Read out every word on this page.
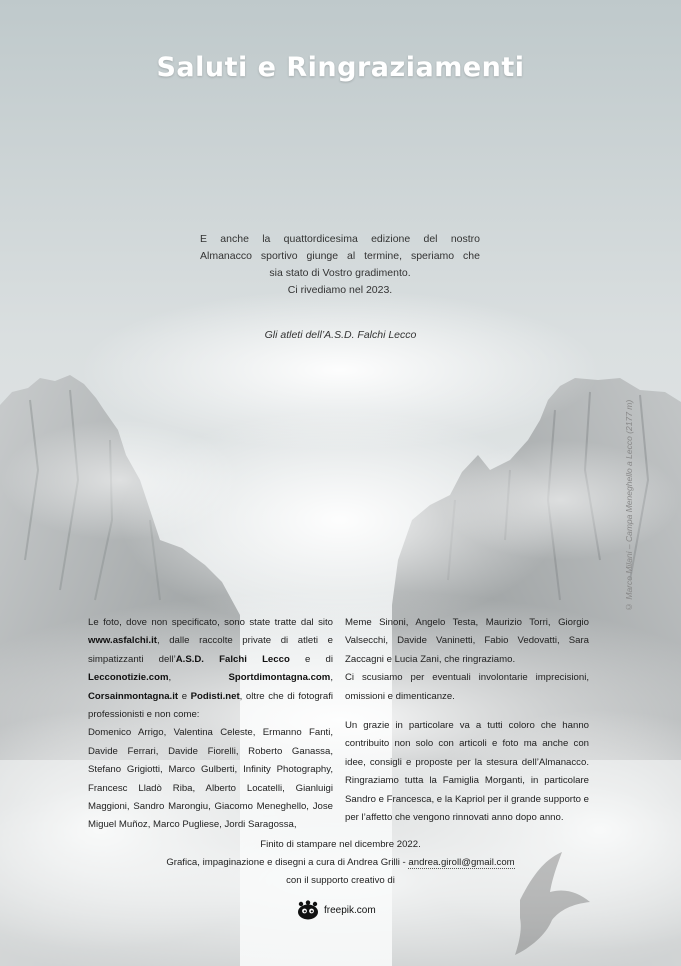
Saluti e Ringraziamenti
E anche la quattordicesima edizione del nostro
Almanacco sportivo giunge al termine, speriamo che
sia stato di Vostro gradimento.
Ci rivediamo nel 2023.
Gli atleti dell’A.S.D. Falchi Lecco
© Marco Milani – Campa Meneghello a Lecco (2177 m)

Le foto, dove non specificato, sono state tratte dal sito www.asfalchi.it, dalle raccolte private di atleti e simpatizzanti dell’A.S.D. Falchi Lecco e di Lecconotizie.com, Sportdimontagna.com, Corsainmontagna.it e Podisti.net, oltre che di fotografi professionisti e non come:

Domenico Arrigo, Valentina Celeste, Ermanno Fanti, Davide Ferrari, Davide Fiorelli, Roberto Ganassa, Stefano Grigiotti, Marco Gulberti, Infinity Photography, Francesc Lladò Riba, Alberto Locatelli, Gianluigi Maggioni, Sandro Marongiu, Giacomo Meneghello, Jose Miguel Muñoz, Marco Pugliese, Jordi Saragossa,

Meme Sinoni, Angelo Testa, Maurizio Torri, Giorgio Valsecchi, Davide Vaninetti, Fabio Vedovatti, Sara Zaccagni e Lucia Zani, che ringraziamo.

Ci scusiamo per eventuali involontarie imprecisioni, omissioni e dimenticanze.

Un grazie in particolare va a tutti coloro che hanno contribuito non solo con articoli e foto ma anche con idee, consigli e proposte per la stesura dell’Almanacco. Ringraziamo tutta la Famiglia Morganti, in particolare Sandro e Francesca, e la Kapriol per il grande supporto e per l’affetto che vengono rinnovati anno dopo anno.

Finito di stampare nel dicembre 2022.
Grafica, impaginazione e disegni a cura di Andrea Grilli - andrea.giroll@gmail.com
con il supporto creativo di
freepik.com
